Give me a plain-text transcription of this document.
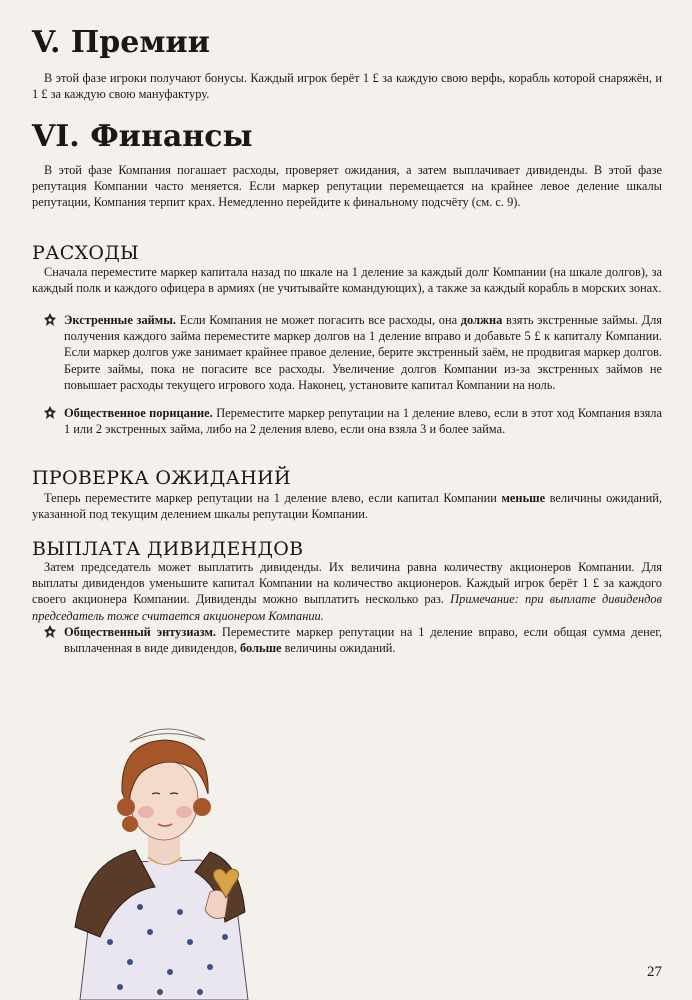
V. Премии

В этой фазе игроки получают бонусы. Каждый игрок берёт 1 £ за каждую свою верфь, корабль которой снаряжён, и 1 £ за каждую свою мануфактуру.

VI. Финансы

В этой фазе Компания погашает расходы, проверяет ожидания, а затем выплачивает дивиденды. В этой фазе репутация Компании часто меняется. Если маркер репутации перемещается на крайнее левое деление шкалы репутации, Компания терпит крах. Немедленно перейдите к финальному подсчёту (см. с. 9).

РАСХОДЫ

Сначала переместите маркер капитала назад по шкале на 1 деление за каждый долг Компании (на шкале долгов), за каждый полк и каждого офицера в армиях (не учитывайте командующих), а также за каждый корабль в морских зонах.

Экстренные займы. Если Компания не может погасить все расходы, она должна взять экстренные займы. Для получения каждого займа переместите маркер долгов на 1 деление вправо и добавьте 5 £ к капиталу Компании. Если маркер долгов уже занимает крайнее правое деление, берите экстренный заём, не продвигая маркер долгов. Берите займы, пока не погасите все расходы. Увеличение долгов Компании из-за экстренных займов не повышает расходы текущего игрового хода. Наконец, установите капитал Компании на ноль.
Общественное порицание. Переместите маркер репутации на 1 деление влево, если в этот ход Компания взяла 1 или 2 экстренных займа, либо на 2 деления влево, если она взяла 3 и более займа.
ПРОВЕРКА ОЖИДАНИЙ

Теперь переместите маркер репутации на 1 деление влево, если капитал Компании меньше величины ожиданий, указанной под текущим делением шкалы репутации Компании.

ВЫПЛАТА ДИВИДЕНДОВ

Затем председатель может выплатить дивиденды. Их величина равна количеству акционеров Компании. Для выплаты дивидендов уменьшите капитал Компании на количество акционеров. Каждый игрок берёт 1 £ за каждого своего акционера Компании. Дивиденды можно выплатить несколько раз. Примечание: при выплате дивидендов председатель тоже считается акционером Компании.

Общественный энтузиазм. Переместите маркер репутации на 1 деление вправо, если общая сумма денег, выплаченная в виде дивидендов, больше величины ожиданий.
27
